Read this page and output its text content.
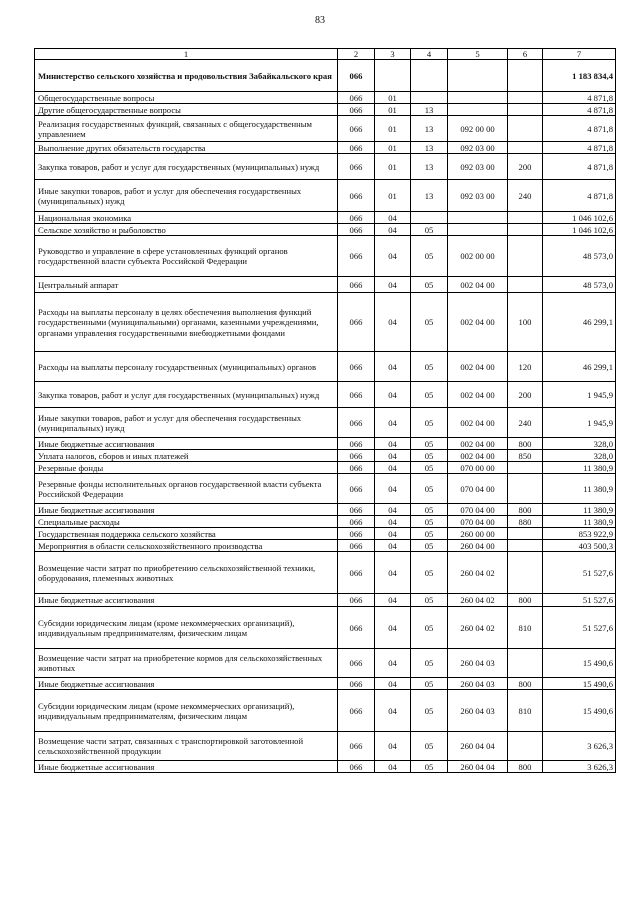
83
1	2	3	4	5	6	7
Министерство сельского хозяйства и продовольствия Забайкальского края	066					1 183 834,4
Общегосударственные вопросы	066	01				4 871,8
Другие общегосударственные вопросы	066	01	13			4 871,8
Реализация государственных функций, связанных с общегосударственным управлением	066	01	13	092 00 00		4 871,8
Выполнение других обязательств государства	066	01	13	092 03 00		4 871,8
Закупка товаров, работ и услуг для государственных (муниципальных) нужд	066	01	13	092 03 00	200	4 871,8
Иные закупки товаров, работ и услуг для обеспечения государственных (муниципальных) нужд	066	01	13	092 03 00	240	4 871,8
Национальная экономика	066	04				1 046 102,6
Сельское хозяйство и рыболовство	066	04	05			1 046 102,6
Руководство и управление в сфере установленных функций органов государственной власти субъекта Российской Федерации	066	04	05	002 00 00		48 573,0
Центральный аппарат	066	04	05	002 04 00		48 573,0
Расходы на выплаты персоналу в целях обеспечения выполнения функций государственными (муниципальными) органами, казенными учреждениями, органами управления государственными внебюджетными фондами	066	04	05	002 04 00	100	46 299,1
Расходы на выплаты персоналу государственных (муниципальных) органов	066	04	05	002 04 00	120	46 299,1
Закупка товаров, работ и услуг для государственных (муниципальных) нужд	066	04	05	002 04 00	200	1 945,9
Иные закупки товаров, работ и услуг для обеспечения государственных (муниципальных) нужд	066	04	05	002 04 00	240	1 945,9
Иные бюджетные ассигнования	066	04	05	002 04 00	800	328,0
Уплата налогов, сборов и иных платежей	066	04	05	002 04 00	850	328,0
Резервные фонды	066	04	05	070 00 00		11 380,9
Резервные фонды исполнительных органов государственной власти субъекта Российской Федерации	066	04	05	070 04 00		11 380,9
Иные бюджетные ассигнования	066	04	05	070 04 00	800	11 380,9
Специальные расходы	066	04	05	070 04 00	880	11 380,9
Государственная поддержка сельского хозяйства	066	04	05	260 00 00		853 922,9
Мероприятия в области сельскохозяйственного производства	066	04	05	260 04 00		403 500,3
Возмещение части затрат по приобретению сельскохозяйственной техники, оборудования, племенных животных	066	04	05	260 04 02		51 527,6
Иные бюджетные ассигнования	066	04	05	260 04 02	800	51 527,6
Субсидии юридическим лицам (кроме некоммерческих организаций), индивидуальным предпринимателям, физическим лицам	066	04	05	260 04 02	810	51 527,6
Возмещение части затрат на приобретение кормов для сельскохозяйственных животных	066	04	05	260 04 03		15 490,6
Иные бюджетные ассигнования	066	04	05	260 04 03	800	15 490,6
Субсидии юридическим лицам (кроме некоммерческих организаций), индивидуальным предпринимателям, физическим лицам	066	04	05	260 04 03	810	15 490,6
Возмещение части затрат, связанных с транспортировкой заготовленной сельскохозяйственной продукции	066	04	05	260 04 04		3 626,3
Иные бюджетные ассигнования	066	04	05	260 04 04	800	3 626,3
